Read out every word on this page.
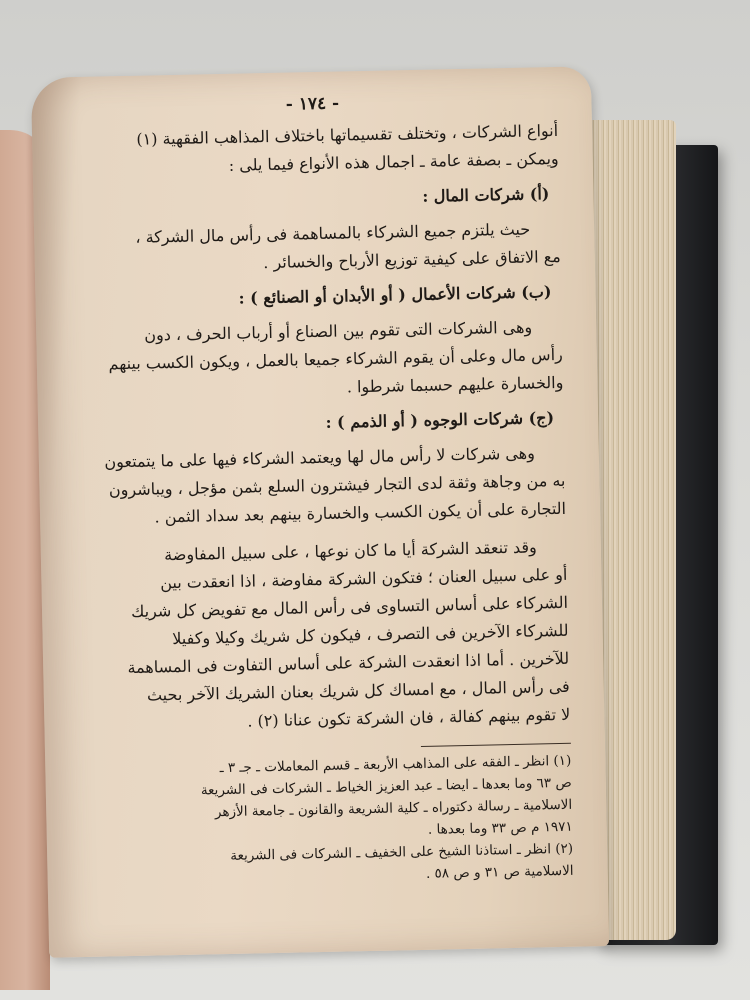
- ١٧٤ -
أنواع الشركات ، وتختلف تقسيماتها باختلاف المذاهب الفقهية (١)
ويمكن ـ بصفة عامة ـ اجمال هذه الأنواع فيما يلى :
(أ) شركات المال :
حيث يلتزم جميع الشركاء بالمساهمة فى رأس مال الشركة ،
مع الاتفاق على كيفية توزيع الأرباح والخسائر .
(ب) شركات الأعمال ( أو الأبدان أو الصنائع ) :
وهى الشركات التى تقوم بين الصناع أو أرباب الحرف ، دون
رأس مال وعلى أن يقوم الشركاء جميعا بالعمل ، ويكون الكسب بينهم
والخسارة عليهم حسبما شرطوا .
(ج) شركات الوجوه ( أو الذمم ) :
وهى شركات لا رأس مال لها ويعتمد الشركاء فيها على ما يتمتعون
به من وجاهة وثقة لدى التجار فيشترون السلع بثمن مؤجل ، ويباشرون
التجارة على أن يكون الكسب والخسارة بينهم بعد سداد الثمن .
وقد تنعقد الشركة أيا ما كان نوعها ، على سبيل المفاوضة
أو على سبيل العنان ؛ فتكون الشركة مفاوضة ، اذا انعقدت بين
الشركاء على أساس التساوى فى رأس المال مع تفويض كل شريك
للشركاء الآخرين فى التصرف ، فيكون كل شريك وكيلا وكفيلا
للآخرين . أما اذا انعقدت الشركة على أساس التفاوت فى المساهمة
فى رأس المال ، مع امساك كل شريك بعنان الشريك الآخر بحيث
لا تقوم بينهم كفالة ، فان الشركة تكون عنانا (٢) .
(١) انظر ـ الفقه على المذاهب الأربعة ـ قسم المعاملات ـ جـ ٣ ـ
ص ٦٣ وما بعدها ـ ايضا ـ عبد العزيز الخياط ـ الشركات فى الشريعة
الاسلامية ـ رسالة دكتوراه ـ كلية الشريعة والقانون ـ جامعة الأزهر
١٩٧١ م ص ٣٣ وما بعدها .
(٢) انظر ـ استاذنا الشيخ على الخفيف ـ الشركات فى الشريعة
الاسلامية ص ٣١ و ص ٥٨ .
